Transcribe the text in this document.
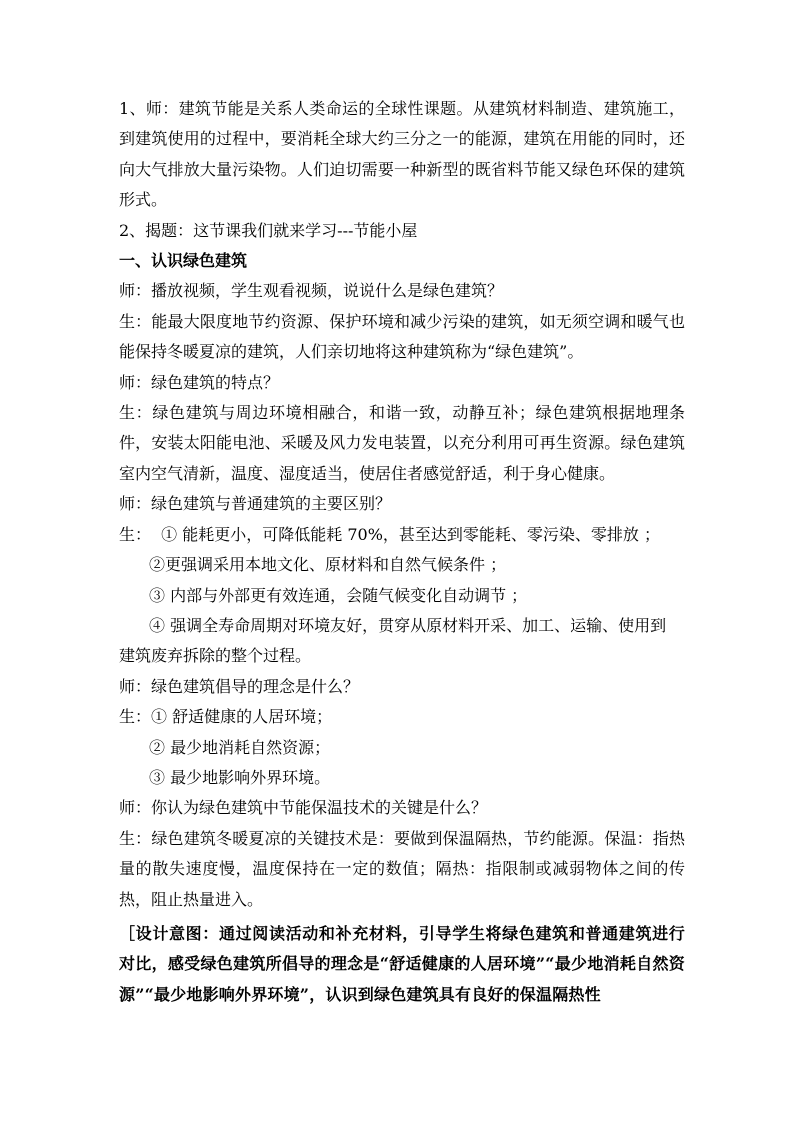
1、师：建筑节能是关系人类命运的全球性课题。从建筑材料制造、建筑施工，到建筑使用的过程中，要消耗全球大约三分之一的能源，建筑在用能的同时，还向大气排放大量污染物。人们迫切需要一种新型的既省料节能又绿色环保的建筑形式。

2、揭题：这节课我们就来学习---节能小屋

一、认识绿色建筑

师：播放视频，学生观看视频，说说什么是绿色建筑？

生：能最大限度地节约资源、保护环境和减少污染的建筑，如无须空调和暖气也能保持冬暖夏凉的建筑，人们亲切地将这种建筑称为“绿色建筑”。

师：绿色建筑的特点？

生：绿色建筑与周边环境相融合，和谐一致，动静互补；绿色建筑根据地理条件，安装太阳能电池、采暖及风力发电装置，以充分利用可再生资源。绿色建筑室内空气清新，温度、湿度适当，使居住者感觉舒适，利于身心健康。

师：绿色建筑与普通建筑的主要区别？

生：  ① 能耗更小，可降低能耗 70%，甚至达到零能耗、零污染、零排放 ；

②更强调采用本地文化、原材料和自然气候条件 ；

③ 内部与外部更有效连通，会随气候变化自动调节 ；

④ 强调全寿命周期对环境友好，贯穿从原材料开采、加工、运输、使用到

建筑废弃拆除的整个过程。

师：绿色建筑倡导的理念是什么？

生：① 舒适健康的人居环境；

② 最少地消耗自然资源；

③ 最少地影响外界环境。

师：你认为绿色建筑中节能保温技术的关键是什么？

生：绿色建筑冬暖夏凉的关键技术是：要做到保温隔热，节约能源。保温：指热量的散失速度慢，温度保持在一定的数值；隔热：指限制或减弱物体之间的传热，阻止热量进入。

［设计意图：通过阅读活动和补充材料，引导学生将绿色建筑和普通建筑进行对比，感受绿色建筑所倡导的理念是“舒适健康的人居环境”“最少地消耗自然资源”“最少地影响外界环境”，认识到绿色建筑具有良好的保温隔热性
